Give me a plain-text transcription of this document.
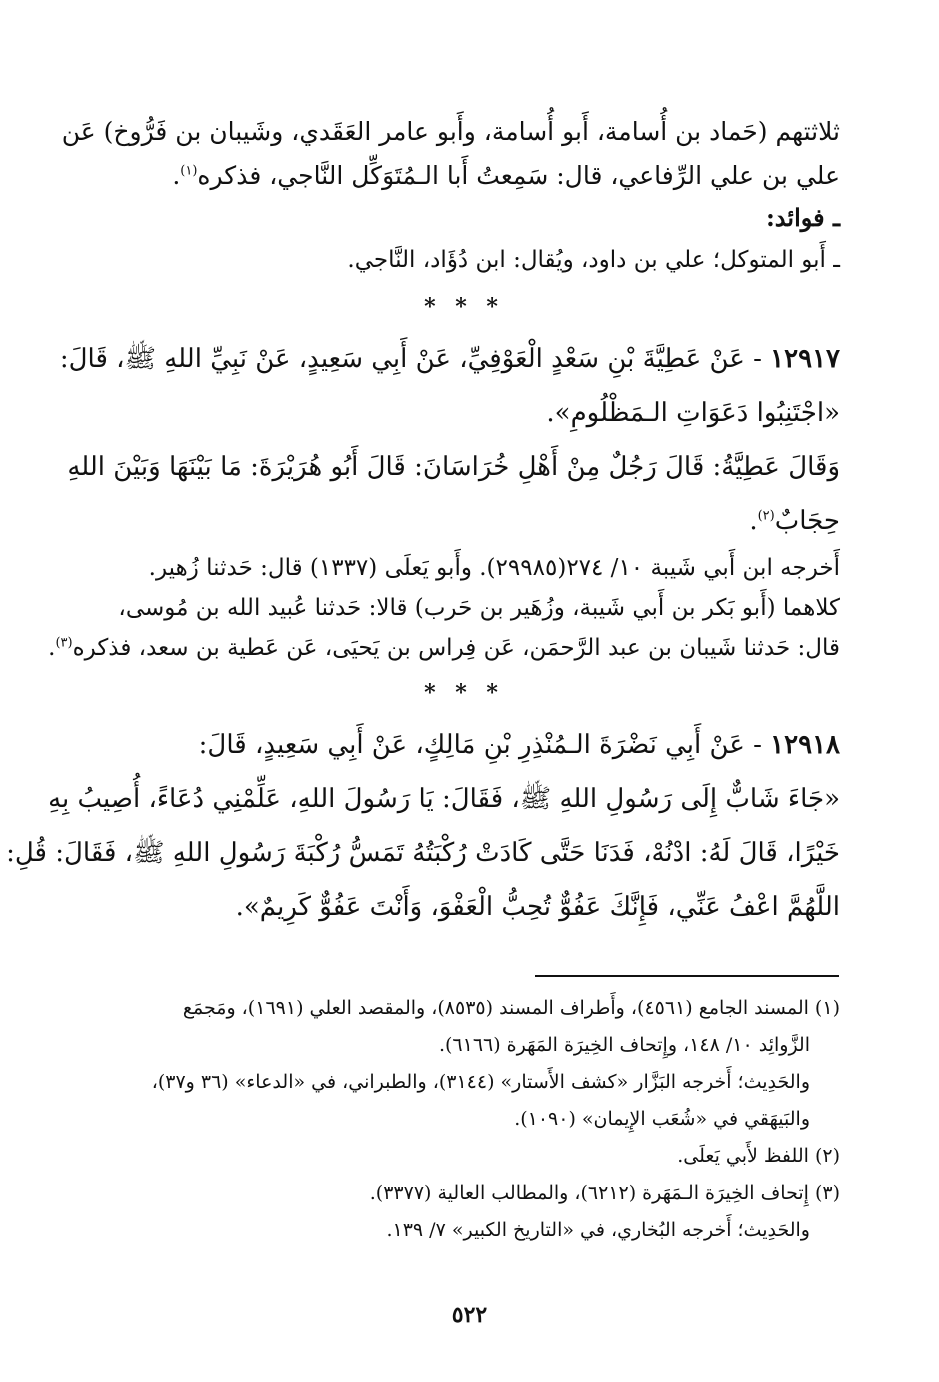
ثلاثتهم (حَماد بن أُسامة، أَبو أُسامة، وأَبو عامر العَقَدي، وشَيبان بن فَرُّوخ) عَن

علي بن علي الرِّفاعي، قال: سَمِعتُ أَبا الـمُتَوَكِّل النَّاجي، فذكره$^{(١)}$.

ـ فوائد:

ـ أَبو المتوكل؛ علي بن داود، ويُقال: ابن دُؤَاد، النَّاجي.

* * *

١٢٩١٧ - عَنْ عَطِيَّةَ بْنِ سَعْدٍ الْعَوْفِيِّ، عَنْ أَبِي سَعِيدٍ، عَنْ نَبِيِّ اللهِ ﷺ، قَالَ:

«اجْتَنِبُوا دَعَوَاتِ الـمَظْلُومِ».

وَقَالَ عَطِيَّةُ: قَالَ رَجُلٌ مِنْ أَهْلِ خُرَاسَانَ: قَالَ أَبُو هُرَيْرَةَ: مَا بَيْنَهَا وَبَيْنَ اللهِ

حِجَابٌ$^{(٢)}$.

أَخرجه ابن أَبي شَيبة ١٠/ ٢٧٤(٢٩٩٨٥). وأَبو يَعلَى (١٣٣٧) قال: حَدثنا زُهير.

كلاهما (أَبو بَكر بن أَبي شَيبة، وزُهَير بن حَرب) قالا: حَدثنا عُبيد الله بن مُوسى،

قال: حَدثنا شَيبان بن عبد الرَّحمَن، عَن فِراس بن يَحيَى، عَن عَطية بن سعد، فذكره$^{(٣)}$.

* * *

١٢٩١٨ - عَنْ أَبِي نَضْرَةَ الـمُنْذِرِ بْنِ مَالِكٍ، عَنْ أَبِي سَعِيدٍ، قَالَ:

«جَاءَ شَابٌّ إِلَى رَسُولِ اللهِ ﷺ، فَقَالَ: يَا رَسُولَ اللهِ، عَلِّمْنِي دُعَاءً، أُصِيبُ بِهِ

خَيْرًا، قَالَ لَهُ: ادْنُهْ، فَدَنَا حَتَّى كَادَتْ رُكْبَتُهُ تَمَسُّ رُكْبَةَ رَسُولِ اللهِ ﷺ، فَقَالَ: قُلِ:

اللَّهُمَّ اعْفُ عَنِّي، فَإِنَّكَ عَفُوٌّ تُحِبُّ الْعَفْوَ، وَأَنْتَ عَفُوٌّ كَرِيمٌ».

(١) المسند الجامع (٤٥٦١)، وأَطراف المسند (٨٥٣٥)، والمقصد العلي (١٦٩١)، ومَجمَع

الزَّوائِد ١٠/ ١٤٨، وإِتحاف الخِيرَة المَهَرة (٦١٦٦).

والحَدِيث؛ أَخرجه البَزَّار «كشف الأَستار» (٣١٤٤)، والطبراني، في «الدعاء» (٣٦ و٣٧)،

والبَيهَقي في «شُعَب الإِيمان» (١٠٩٠).

(٢) اللفظ لأَبي يَعلَى.

(٣) إِتحاف الخِيرَة الـمَهَرة (٦٢١٢)، والمطالب العالية (٣٣٧٧).

والحَدِيث؛ أَخرجه البُخاري، في «التاريخ الكبير» ٧/ ١٣٩.

٥٢٢
